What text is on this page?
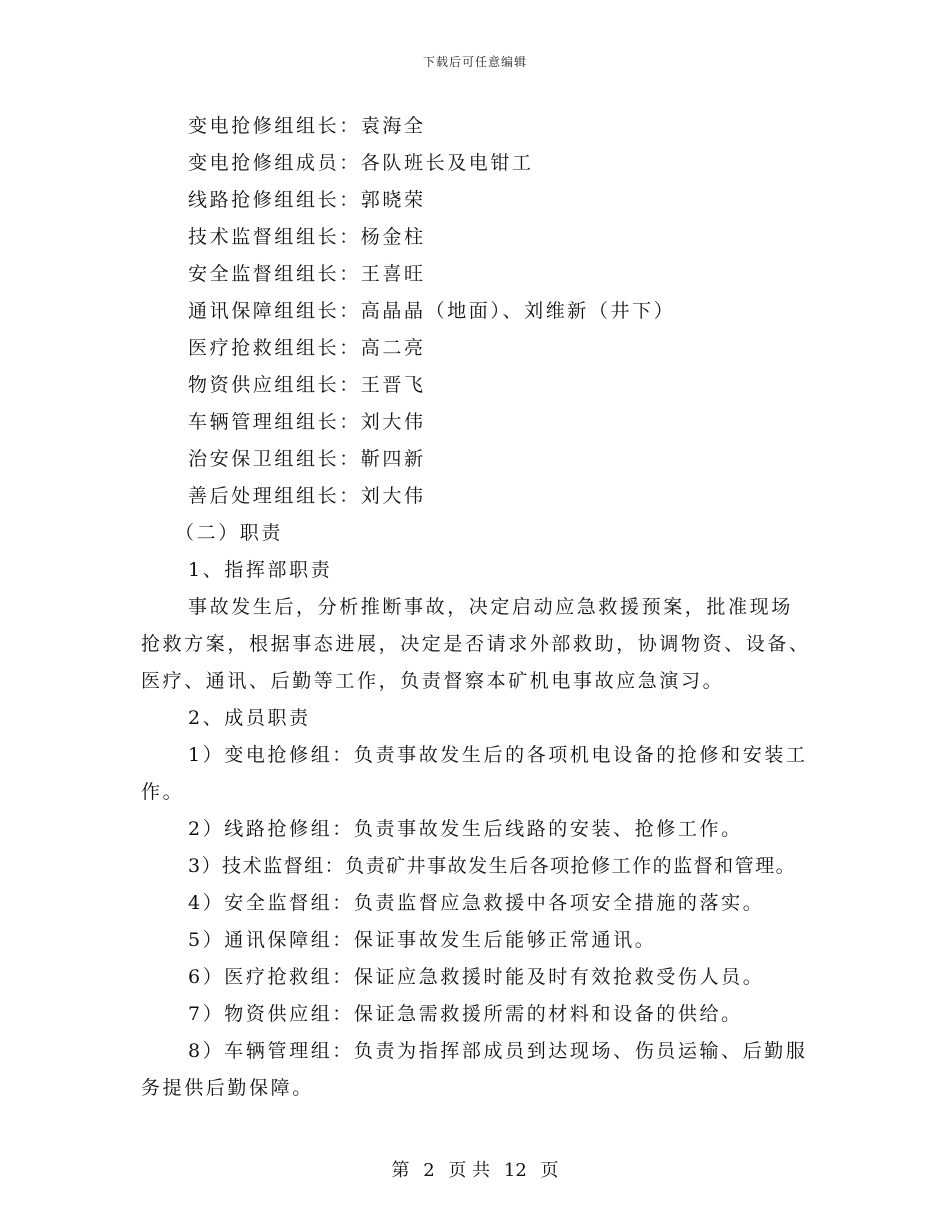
下载后可任意编辑
变电抢修组组长：袁海全
变电抢修组成员：各队班长及电钳工
线路抢修组组长：郭晓荣
技术监督组组长：杨金柱
安全监督组组长：王喜旺
通讯保障组组长：高晶晶（地面）、刘维新（井下）
医疗抢救组组长：高二亮
物资供应组组长：王晋飞
车辆管理组组长：刘大伟
治安保卫组组长：靳四新
善后处理组组长：刘大伟
（二）职责
1、指挥部职责
事故发生后，分析推断事故，决定启动应急救援预案，批准现场
抢救方案，根据事态进展，决定是否请求外部救助，协调物资、设备、
医疗、通讯、后勤等工作，负责督察本矿机电事故应急演习。
2、成员职责
1）变电抢修组：负责事故发生后的各项机电设备的抢修和安装工
作。
2）线路抢修组：负责事故发生后线路的安装、抢修工作。
3）技术监督组：负责矿井事故发生后各项抢修工作的监督和管理。
4）安全监督组：负责监督应急救援中各项安全措施的落实。
5）通讯保障组：保证事故发生后能够正常通讯。
6）医疗抢救组：保证应急救援时能及时有效抢救受伤人员。
7）物资供应组：保证急需救援所需的材料和设备的供给。
8）车辆管理组：负责为指挥部成员到达现场、伤员运输、后勤服
务提供后勤保障。
第 2 页 共 12 页
